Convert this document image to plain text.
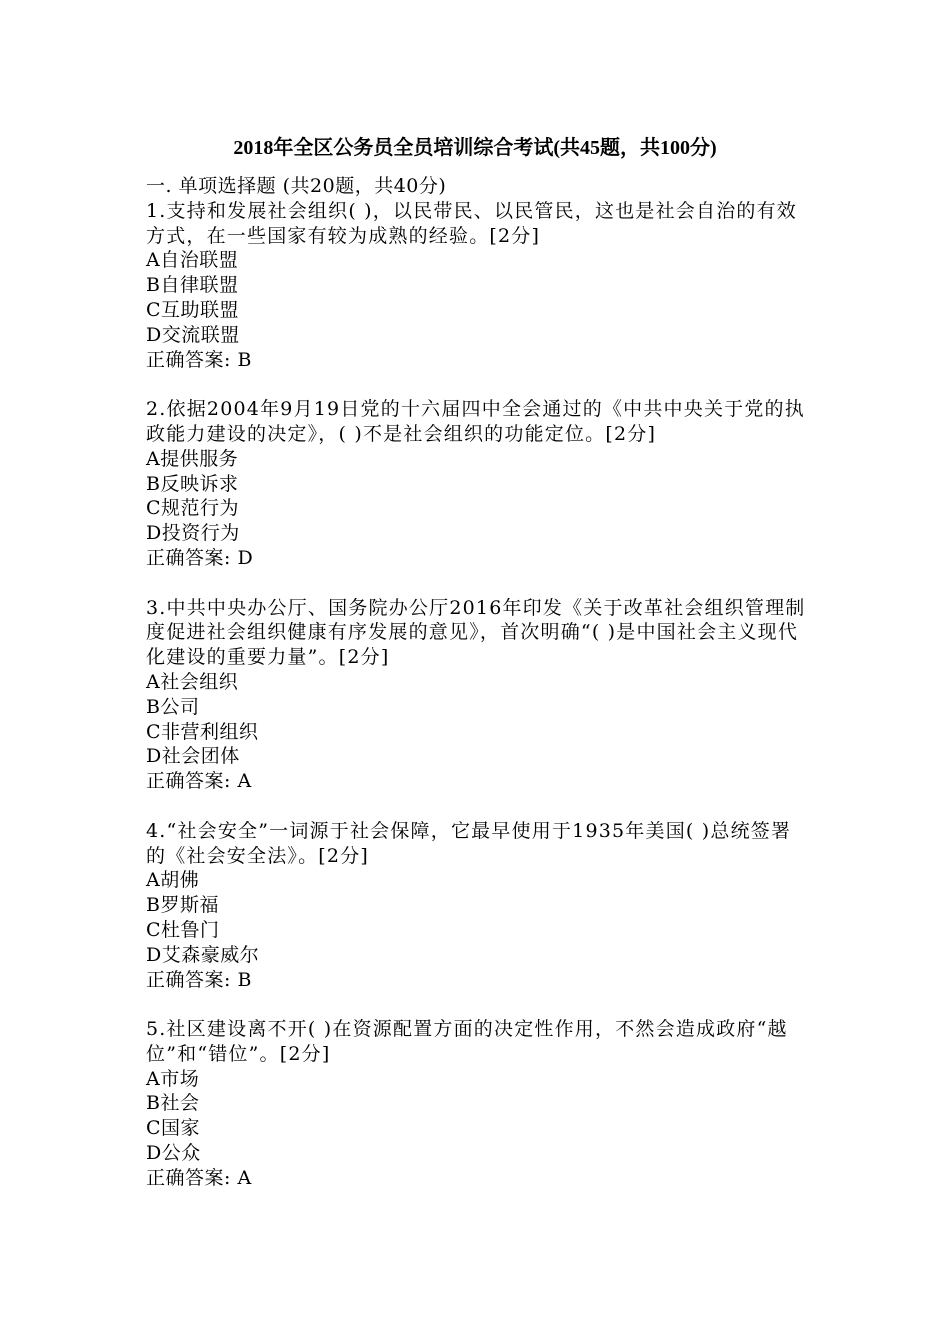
2018年全区公务员全员培训综合考试(共45题，共100分)
一. 单项选择题 (共20题，共40分)
1.支持和发展社会组织( )，以民带民、以民管民，这也是社会自治的有效方式，在一些国家有较为成熟的经验。[2分]
A自治联盟
B自律联盟
C互助联盟
D交流联盟
正确答案: B
2.依据2004年9月19日党的十六届四中全会通过的《中共中央关于党的执政能力建设的决定》，( )不是社会组织的功能定位。[2分]
A提供服务
B反映诉求
C规范行为
D投资行为
正确答案: D
3.中共中央办公厅、国务院办公厅2016年印发《关于改革社会组织管理制度促进社会组织健康有序发展的意见》，首次明确“( )是中国社会主义现代化建设的重要力量”。[2分]
A社会组织
B公司
C非营利组织
D社会团体
正确答案: A
4.“社会安全”一词源于社会保障，它最早使用于1935年美国( )总统签署的《社会安全法》。[2分]
A胡佛
B罗斯福
C杜鲁门
D艾森豪威尔
正确答案: B
5.社区建设离不开( )在资源配置方面的决定性作用，不然会造成政府“越位”和“错位”。[2分]
A市场
B社会
C国家
D公众
正确答案: A
